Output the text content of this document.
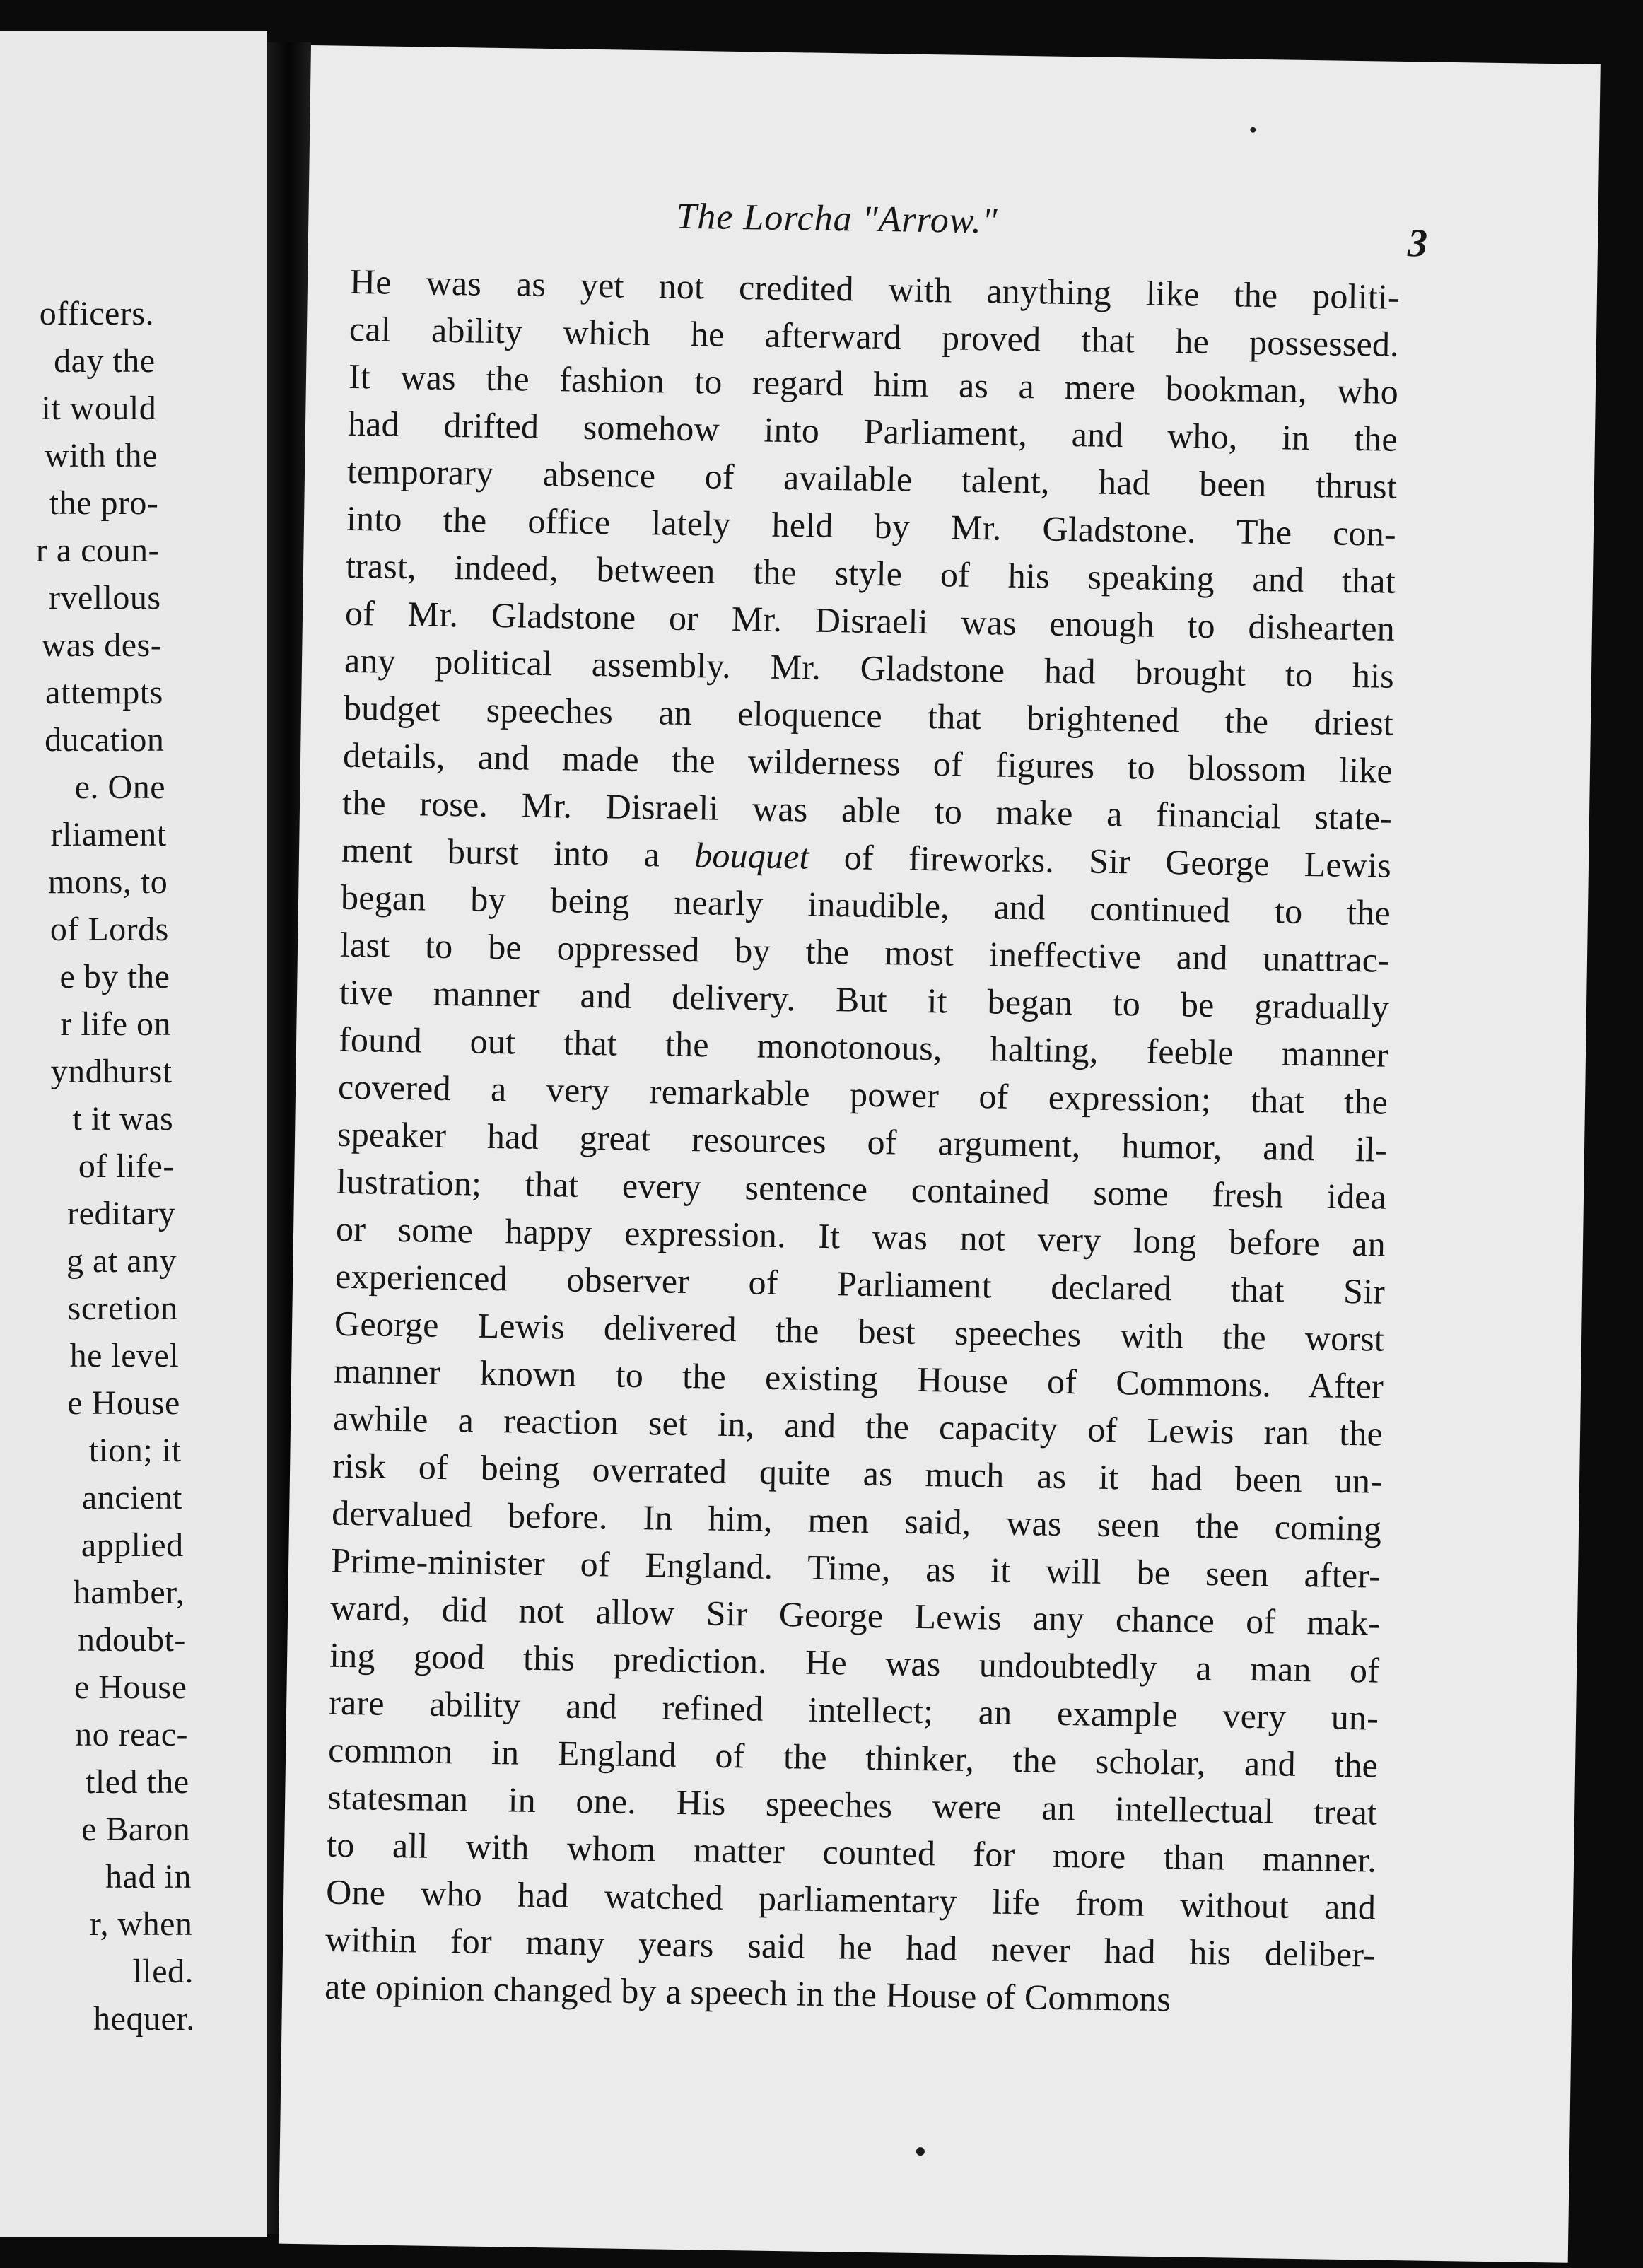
officers.
day the
it would
with the
the pro-
r a coun-
rvellous
was des-
attempts
ducation
e. One
rliament
mons, to
of Lords
e by the
r life on
yndhurst
t it was
of life-
reditary
g at any
scretion
he level
e House
tion; it
ancient
applied
hamber,
ndoubt-
e House
no reac-
tled the
e Baron
had in
r, when
lled.
hequer.
The Lorcha "Arrow."
3
He was as yet not credited with anything like the politi-
cal ability which he afterward proved that he possessed.
It was the fashion to regard him as a mere bookman, who
had drifted somehow into Parliament, and who, in the
temporary absence of available talent, had been thrust
into the office lately held by Mr. Gladstone. The con-
trast, indeed, between the style of his speaking and that
of Mr. Gladstone or Mr. Disraeli was enough to dishearten
any political assembly. Mr. Gladstone had brought to his
budget speeches an eloquence that brightened the driest
details, and made the wilderness of figures to blossom like
the rose. Mr. Disraeli was able to make a financial state-
ment burst into a bouquet of fireworks. Sir George Lewis
began by being nearly inaudible, and continued to the
last to be oppressed by the most ineffective and unattrac-
tive manner and delivery. But it began to be gradually
found out that the monotonous, halting, feeble manner
covered a very remarkable power of expression; that the
speaker had great resources of argument, humor, and il-
lustration; that every sentence contained some fresh idea
or some happy expression. It was not very long before an
experienced observer of Parliament declared that Sir
George Lewis delivered the best speeches with the worst
manner known to the existing House of Commons. After
awhile a reaction set in, and the capacity of Lewis ran the
risk of being overrated quite as much as it had been un-
dervalued before. In him, men said, was seen the coming
Prime-minister of England. Time, as it will be seen after-
ward, did not allow Sir George Lewis any chance of mak-
ing good this prediction. He was undoubtedly a man of
rare ability and refined intellect; an example very un-
common in England of the thinker, the scholar, and the
statesman in one. His speeches were an intellectual treat
to all with whom matter counted for more than manner.
One who had watched parliamentary life from without and
within for many years said he had never had his deliber-
ate opinion changed by a speech in the House of Commons
